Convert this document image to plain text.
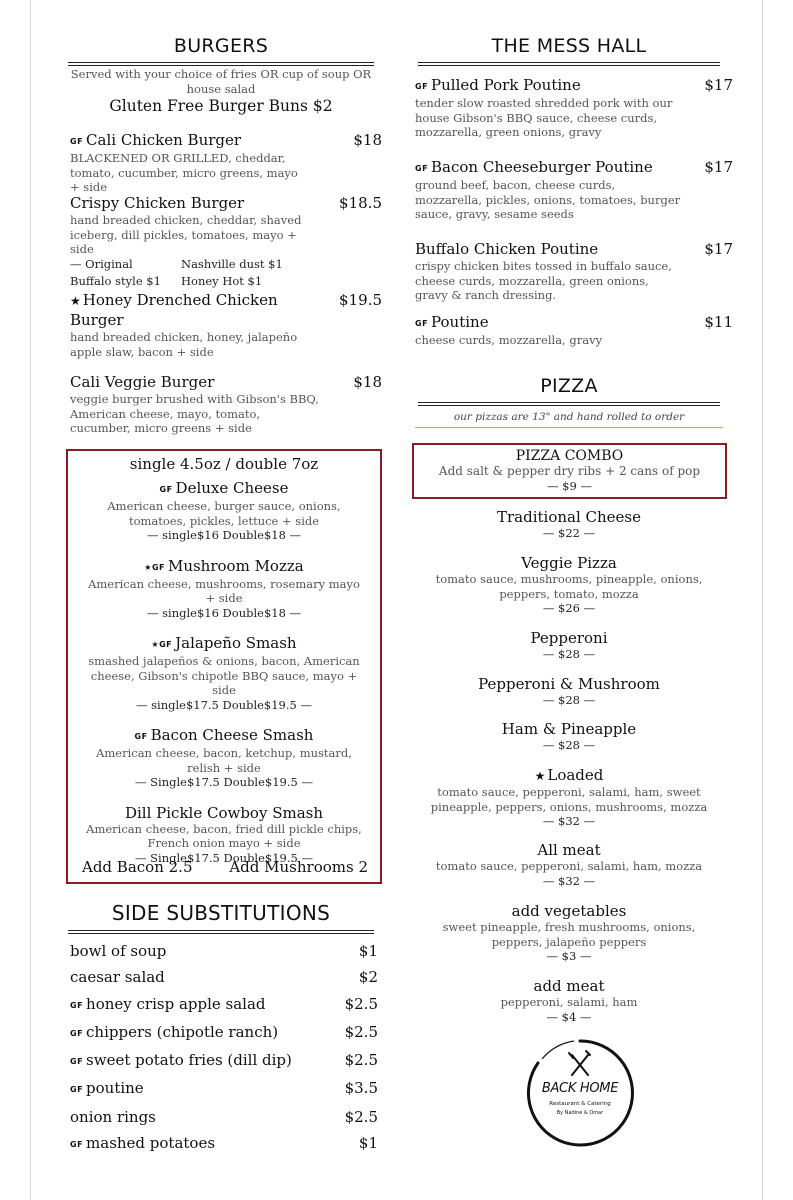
BURGERS
Served with your choice of fries OR cup of soup OR house salad
Gluten Free Burger Buns $2
GF Cali Chicken Burger	$18
BLACKENED OR GRILLED, cheddar, tomato, cucumber, micro greens, mayo + side
Crispy Chicken Burger	$18.5
hand breaded chicken, cheddar, shaved iceberg, dill pickles, tomatoes, mayo + side
— Original	Nashville dust $1
Buffalo style $1 Honey Hot $1
★ Honey Drenched Chicken Burger
$19.5
hand breaded chicken, honey, jalapeño apple slaw, bacon + side
Cali Veggie Burger	$18
veggie burger brushed with Gibson's BBQ, American cheese, mayo, tomato, cucumber, micro greens + side
single 4.5oz / double 7oz
GF Deluxe Cheese
American cheese, burger sauce, onions, tomatoes, pickles, lettuce + side
— single$16 Double$18 —
★GF Mushroom Mozza
American cheese, mushrooms, rosemary mayo + side
— single$16 Double$18 —
★GF Jalapeño Smash
smashed jalapeños & onions, bacon, American cheese, Gibson's chipotle BBQ sauce, mayo + side
— single$17.5 Double$19.5 —
GF Bacon Cheese Smash
American cheese, bacon, ketchup, mustard, relish + side
— Single$17.5 Double$19.5 —
Dill Pickle Cowboy Smash
American cheese, bacon, fried dill pickle chips, French onion mayo + side
— Single$17.5 Double$19.5 —
Add Bacon 2.5 Add Mushrooms 2
SIDE SUBSTITUTIONS
bowl of soup	$1
caesar salad	$2
GF honey crisp apple salad	$2.5
GF chippers (chipotle ranch)	$2.5
GF sweet potato fries (dill dip)	$2.5
GF poutine	$3.5
onion rings	$2.5
GF mashed potatoes	$1
THE MESS HALL
GF Pulled Pork Poutine	$17
tender slow roasted shredded pork with our house Gibson's BBQ sauce, cheese curds, mozzarella, green onions, gravy
GF Bacon Cheeseburger Poutine	$17
ground beef, bacon, cheese curds, mozzarella, pickles, onions, tomatoes, burger sauce, gravy, sesame seeds
Buffalo Chicken Poutine	$17
crispy chicken bites tossed in buffalo sauce, cheese curds, mozzarella, green onions, gravy & ranch dressing.
GF Poutine	$11
cheese curds, mozzarella, gravy
PIZZA
our pizzas are 13" and hand rolled to order
PIZZA COMBO
Add salt & pepper dry ribs + 2 cans of pop
— $9 —
Traditional Cheese
— $22 —
Veggie Pizza
tomato sauce, mushrooms, pineapple, onions, peppers, tomato, mozza
— $26 —
Pepperoni
— $28 —
Pepperoni & Mushroom
— $28 —
Ham & Pineapple
— $28 —
★ Loaded
tomato sauce, pepperoni, salami, ham, sweet pineapple, peppers, onions, mushrooms, mozza
— $32 —
All meat
tomato sauce, pepperoni, salami, ham, mozza
— $32 —
add vegetables
sweet pineapple, fresh mushrooms, onions, peppers, jalapeño peppers
— $3 —
add meat
pepperoni, salami, ham
— $4 —
BACK HOME
Restaurant & Catering
By Nadine & Omar
